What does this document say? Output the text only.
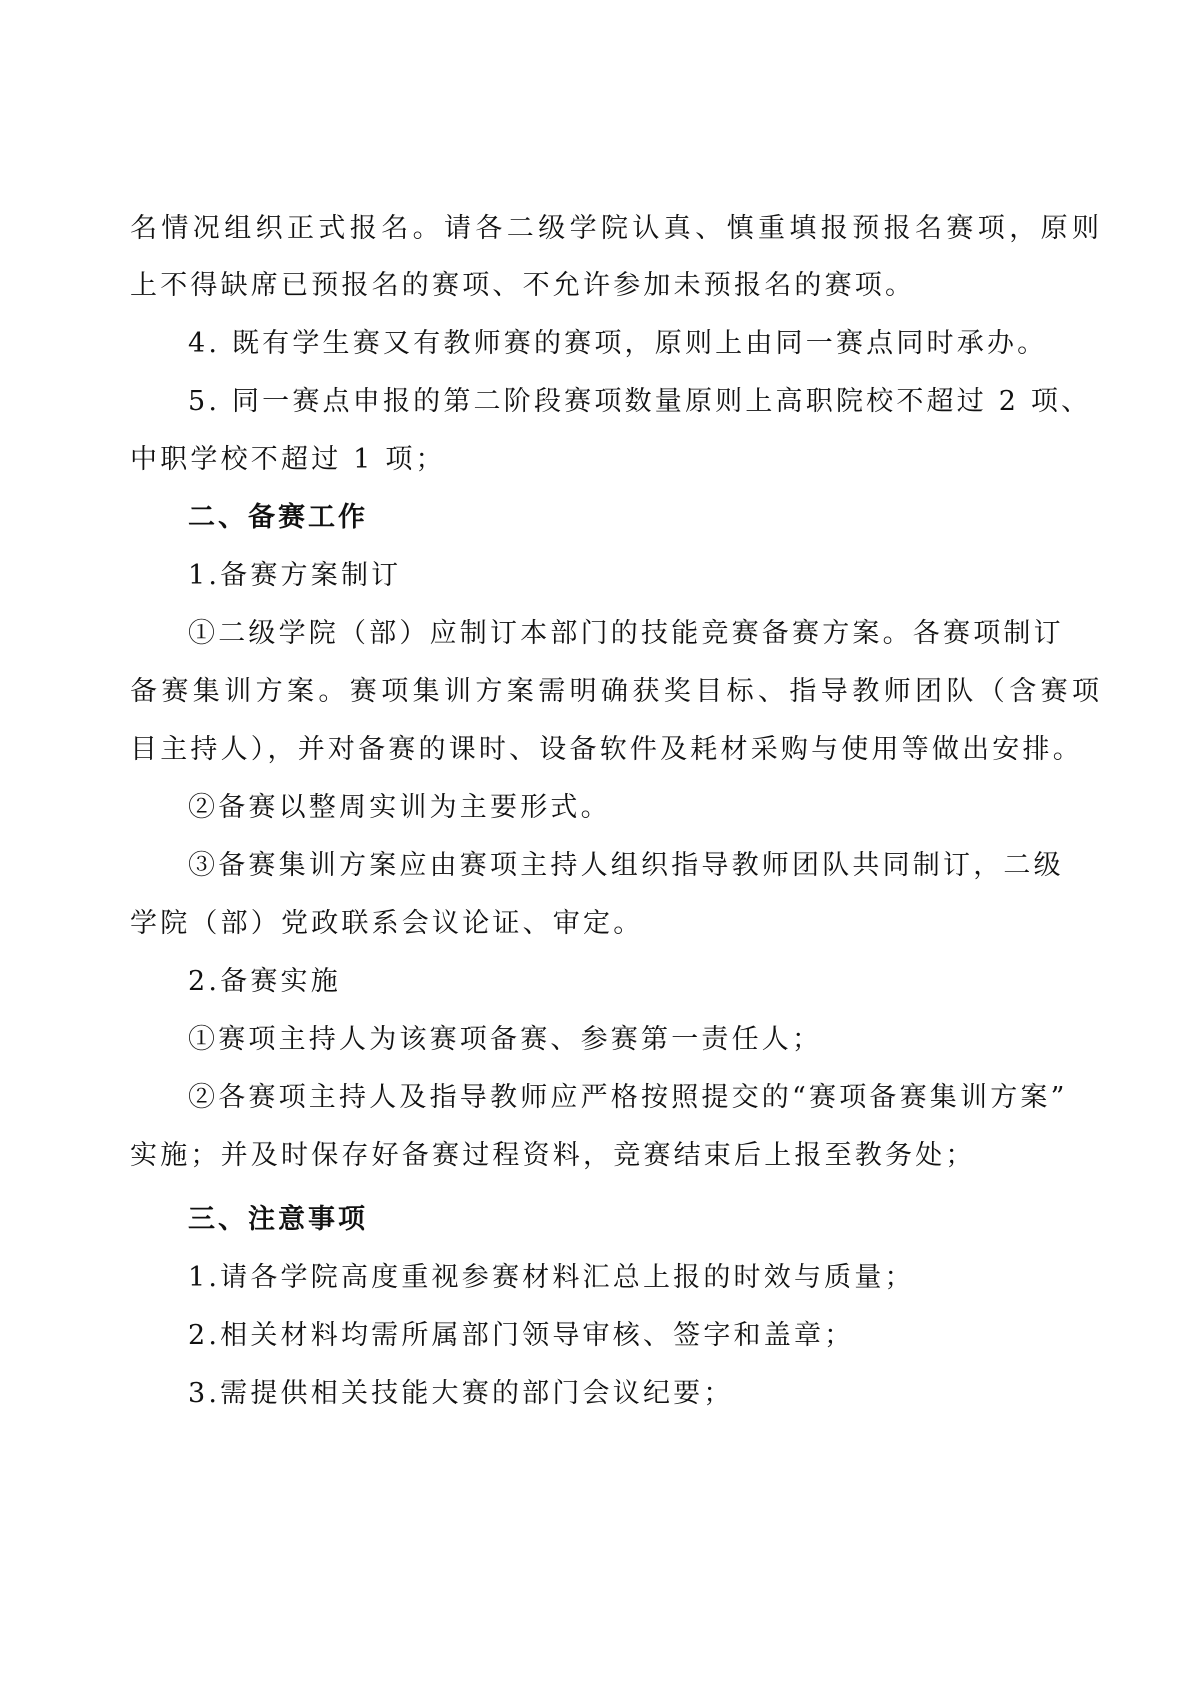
名情况组织正式报名。请各二级学院认真、慎重填报预报名赛项，原则
上不得缺席已预报名的赛项、不允许参加未预报名的赛项。
4. 既有学生赛又有教师赛的赛项，原则上由同一赛点同时承办。
5. 同一赛点申报的第二阶段赛项数量原则上高职院校不超过 2 项、
中职学校不超过 1 项；
二、备赛工作
1.备赛方案制订
①二级学院（部）应制订本部门的技能竞赛备赛方案。各赛项制订
备赛集训方案。赛项集训方案需明确获奖目标、指导教师团队（含赛项
目主持人），并对备赛的课时、设备软件及耗材采购与使用等做出安排。
②备赛以整周实训为主要形式。
③备赛集训方案应由赛项主持人组织指导教师团队共同制订，二级
学院（部）党政联系会议论证、审定。
2.备赛实施
①赛项主持人为该赛项备赛、参赛第一责任人；
②各赛项主持人及指导教师应严格按照提交的“赛项备赛集训方案”
实施；并及时保存好备赛过程资料，竞赛结束后上报至教务处；
三、注意事项
1.请各学院高度重视参赛材料汇总上报的时效与质量；
2.相关材料均需所属部门领导审核、签字和盖章；
3.需提供相关技能大赛的部门会议纪要；
